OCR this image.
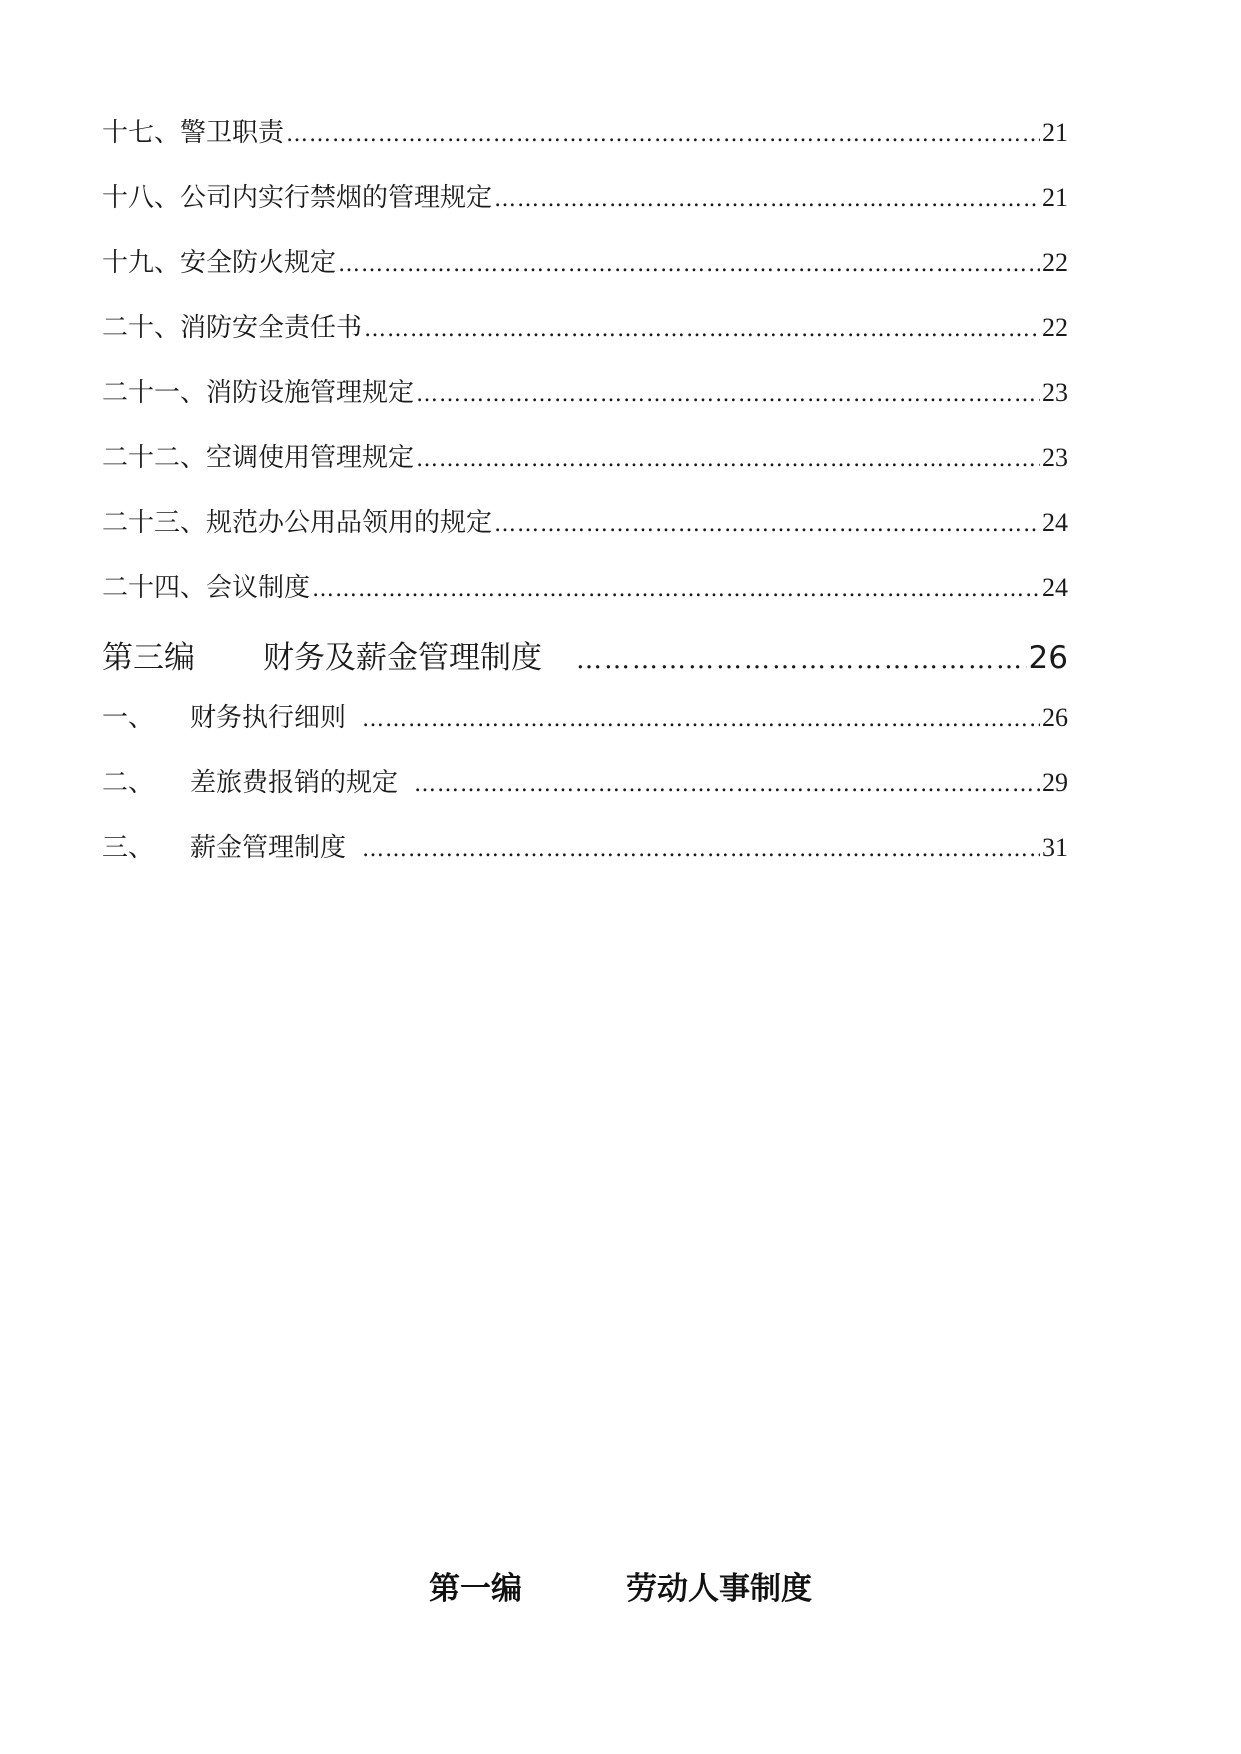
十七、警卫职责 ……………………………………………………………………………………………………………………………………………………………………	21
十八、公司内实行禁烟的管理规定 ……………………………………………………………………………………………………………………………………………………………………	21
十九、安全防火规定 ……………………………………………………………………………………………………………………………………………………………………	22
二十、消防安全责任书 ……………………………………………………………………………………………………………………………………………………………………	22
二十一、消防设施管理规定 ……………………………………………………………………………………………………………………………………………………………………	23
二十二、空调使用管理规定 ……………………………………………………………………………………………………………………………………………………………………	23
二十三、规范办公用品领用的规定 ……………………………………………………………………………………………………………………………………………………………………	24
二十四、会议制度 ……………………………………………………………………………………………………………………………………………………………………	24
第三编 财务及薪金管理制度 ……………………………………………………………………………………………………………………………………………………………………	26
一、 财务执行细则 ……………………………………………………………………………………………………………………………………………………………………	26
二、 差旅费报销的规定 ……………………………………………………………………………………………………………………………………………………………………	29
三、 薪金管理制度 ……………………………………………………………………………………………………………………………………………………………………	31
第一编	劳动人事制度
